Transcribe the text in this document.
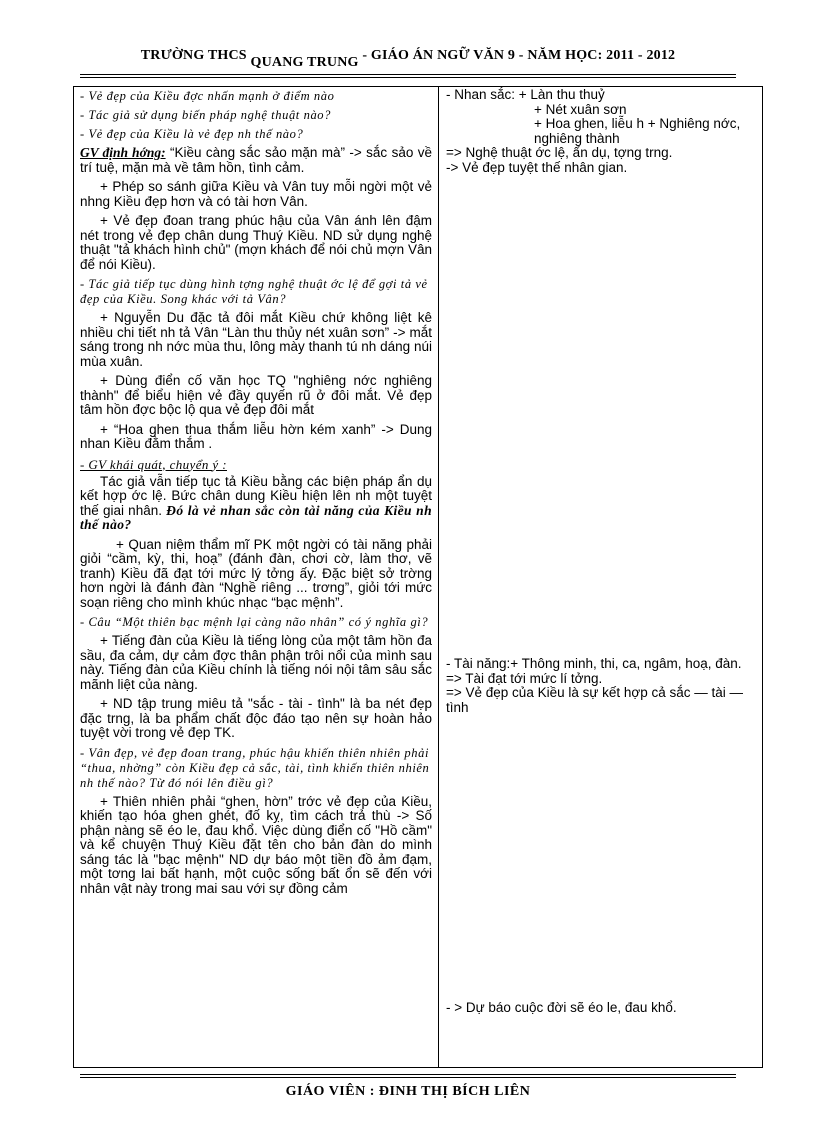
TRƯỜNG THCS QUANG TRUNG - GIÁO ÁN NGỮ VĂN 9 - NĂM HỌC: 2011 - 2012

- Vẻ đẹp của Kiều đợc nhấn mạnh ở điểm nào

- Tác giả sử dụng biến pháp nghệ thuật nào?

- Vẻ đẹp của Kiều là vẻ đẹp nh thế nào?

GV định hớng: “Kiều càng sắc sảo mặn mà” -> sắc sảo về trí tuệ, mặn mà về tâm hồn, tình cảm.

+ Phép so sánh giữa Kiều và Vân tuy mỗi ngời một vẻ nhng Kiều đẹp hơn và có tài hơn Vân.

+ Vẻ đẹp đoan trang phúc hậu của Vân ánh lên đậm nét trong vẻ đẹp chân dung Thuý Kiều. ND sử dụng nghệ thuật "tả khách hình chủ" (mợn khách để nói chủ mợn Vân để nói Kiều).

- Tác giả tiếp tục dùng hình tợng nghệ thuật ớc lệ để gợi tả vẻ đẹp của Kiều. Song khác với tả Vân?

+ Nguyễn Du đặc tả đôi mắt Kiều chứ không liệt kê nhiều chi tiết nh tả Vân “Làn thu thủy nét xuân sơn” -> mắt sáng trong nh nớc mùa thu, lông mày thanh tú nh dáng núi mùa xuân.

+ Dùng điển cố văn học TQ "nghiêng nớc nghiêng thành" để biểu hiện vẻ đầy quyến rũ ở đôi mắt. Vẻ đẹp tâm hồn đợc bộc lộ qua vẻ đẹp đôi mắt

+ “Hoa ghen thua thắm liễu hờn kém xanh” -> Dung nhan Kiều đằm thắm .

- GV khái quát, chuyển ý :

Tác giả vẫn tiếp tục tả Kiều bằng các biện pháp ẩn dụ kết hợp ớc lệ. Bức chân dung Kiều hiện lên nh một tuyệt thế giai nhân. Đó là vẻ nhan sắc còn tài năng của Kiều nh thế nào?

+ Quan niệm thẩm mĩ PK một ngời có tài năng phải giỏi “cầm, kỳ, thi, hoạ” (đánh đàn, chơi cờ, làm thơ, vẽ tranh) Kiều đã đạt tới mức lý tởng ấy. Đặc biệt sở trờng hơn ngời là đánh đàn “Nghề riêng ... trơng”, giỏi tới mức soạn riêng cho mình khúc nhạc “bạc mệnh”.

- Câu “Một thiên bạc mệnh lại càng não nhân” có ý nghĩa gì?

+ Tiếng đàn của Kiều là tiếng lòng của một tâm hồn đa sầu, đa cảm, dự cảm đợc thân phận trôi nổi của mình sau này. Tiếng đàn của Kiều chính là tiếng nói nội tâm sâu sắc mãnh liệt của nàng.

+ ND tập trung miêu tả "sắc - tài - tình" là ba nét đẹp đặc trng, là ba phẩm chất độc đáo tạo nên sự hoàn hảo tuyệt vời trong vẻ đẹp TK.

- Vân đẹp, vẻ đẹp đoan trang, phúc hậu khiến thiên nhiên phải “thua, nhờng” còn Kiều đẹp cả sắc, tài, tình khiến thiên nhiên nh thế nào? Từ đó nói lên điều gì?

+ Thiên nhiên phải “ghen, hờn” trớc vẻ đẹp của Kiều, khiến tạo hóa ghen ghét, đố kỵ, tìm cách trả thù -> Số phận nàng sẽ éo le, đau khổ. Việc dùng điển cố "Hồ cầm" và kể chuyện Thuý Kiều đặt tên cho bản đàn do mình sáng tác là "bạc mệnh" ND dự báo một tiền đồ ảm đạm, một tơng lai bất hạnh, một cuộc sống bất ổn sẽ đến với nhân vật này trong mai sau với sự đồng cảm

- Nhan sắc: + Làn thu thuỷ

+ Nét xuân sơn

+ Hoa ghen, liễu h + Nghiêng nớc, nghiêng thành

=> Nghệ thuật ớc lệ, ẩn dụ, tợng trng.

-> Vẻ đẹp tuyệt thế nhân gian.

- Tài năng:+ Thông minh, thi, ca, ngâm, hoạ, đàn.

=> Tài đạt tới mức lí tởng.

=> Vẻ đẹp của Kiều là sự kết hợp cả sắc — tài — tình

- > Dự báo cuộc đời sẽ éo le, đau khổ.

GIÁO VIÊN : ĐINH THỊ BÍCH LIÊN
